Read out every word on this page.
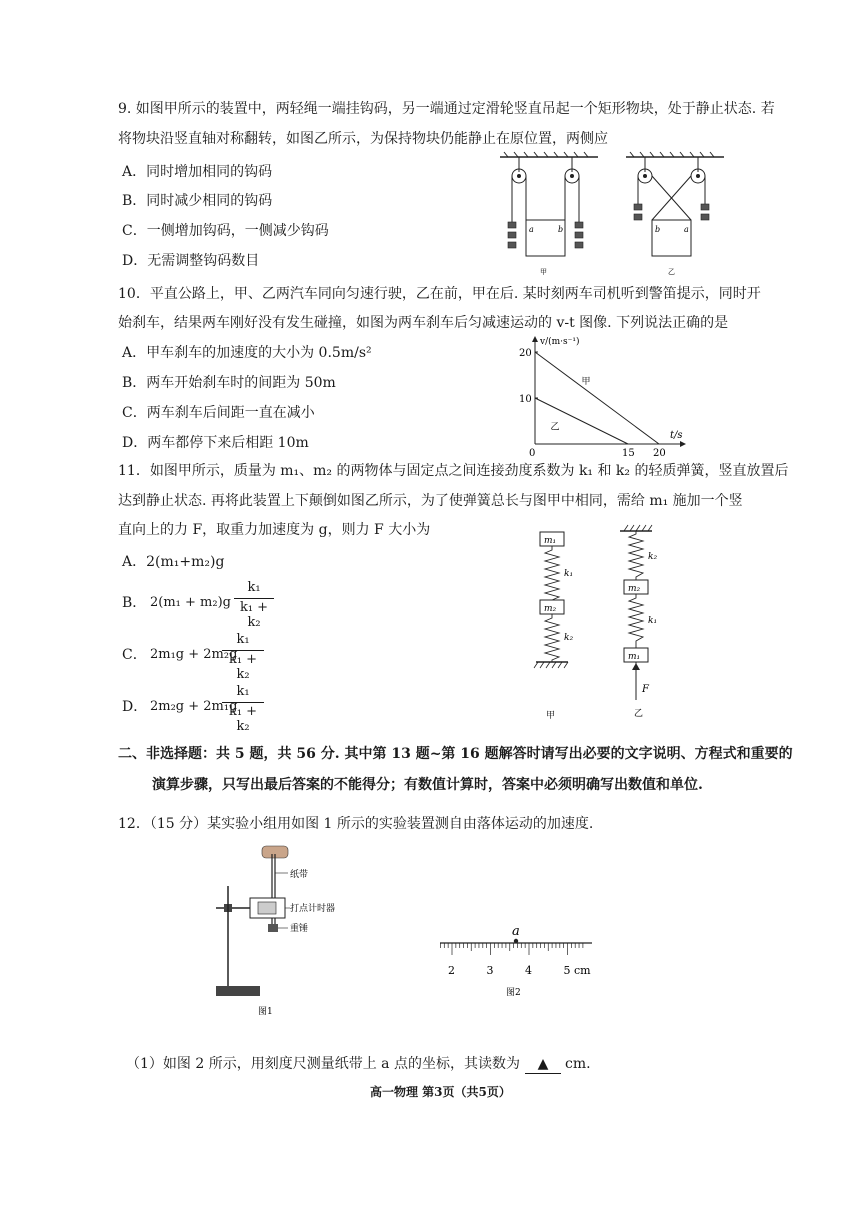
9. 如图甲所示的装置中，两轻绳一端挂钩码，另一端通过定滑轮竖直吊起一个矩形物块，处于静止状态. 若
将物块沿竖直轴对称翻转，如图乙所示，为保持物块仍能静止在原位置，两侧应
A．同时增加相同的钩码
B．同时减少相同的钩码
C．一侧增加钩码，一侧减少钩码
D．无需调整钩码数目
a	b
甲
b	a
乙
10．平直公路上，甲、乙两汽车同向匀速行驶，乙在前，甲在后. 某时刻两车司机听到警笛提示，同时开
始刹车，结果两车刚好没有发生碰撞，如图为两车刹车后匀减速运动的 v-t 图像. 下列说法正确的是
A．甲车刹车的加速度的大小为 0.5m/s²
B．两车开始刹车时的间距为 50m
C．两车刹车后间距一直在减小
D．两车都停下来后相距 10m
v/(m·s⁻¹)
t/s
甲
乙
10
20
0	15 20
11．如图甲所示，质量为 m₁、m₂ 的两物体与固定点之间连接劲度系数为 k₁ 和 k₂ 的轻质弹簧，竖直放置后
达到静止状态. 再将此装置上下颠倒如图乙所示，为了使弹簧总长与图甲中相同，需给 m₁ 施加一个竖
直向上的力 F，取重力加速度为 g，则力 F 大小为
A．2(m₁+m₂)g
B． 2(m₁ + m₂)g
k₁
k₁ + k₂
C． 2m₁g + 2m₂g
k₁
k₁ + k₂
D． 2m₂g + 2m₁g
k₁
k₁ + k₂
m₁
k₁
m₂
k₂
甲
k₂
m₂
k₁
m₁
F
乙
二、非选择题：共 5 题，共 56 分. 其中第 13 题~第 16 题解答时请写出必要的文字说明、方程式和重要的
演算步骤，只写出最后答案的不能得分；有数值计算时，答案中必须明确写出数值和单位.
12．（15 分）某实验小组用如图 1 所示的实验装置测自由落体运动的加速度.
纸带
打点计时器
重锤
图1
2	3	4	5 cm
a
图2
（1）如图 2 所示，用刻度尺测量纸带上 a 点的坐标，其读数为	▲	cm.
高一物理 第3页（共5页）
